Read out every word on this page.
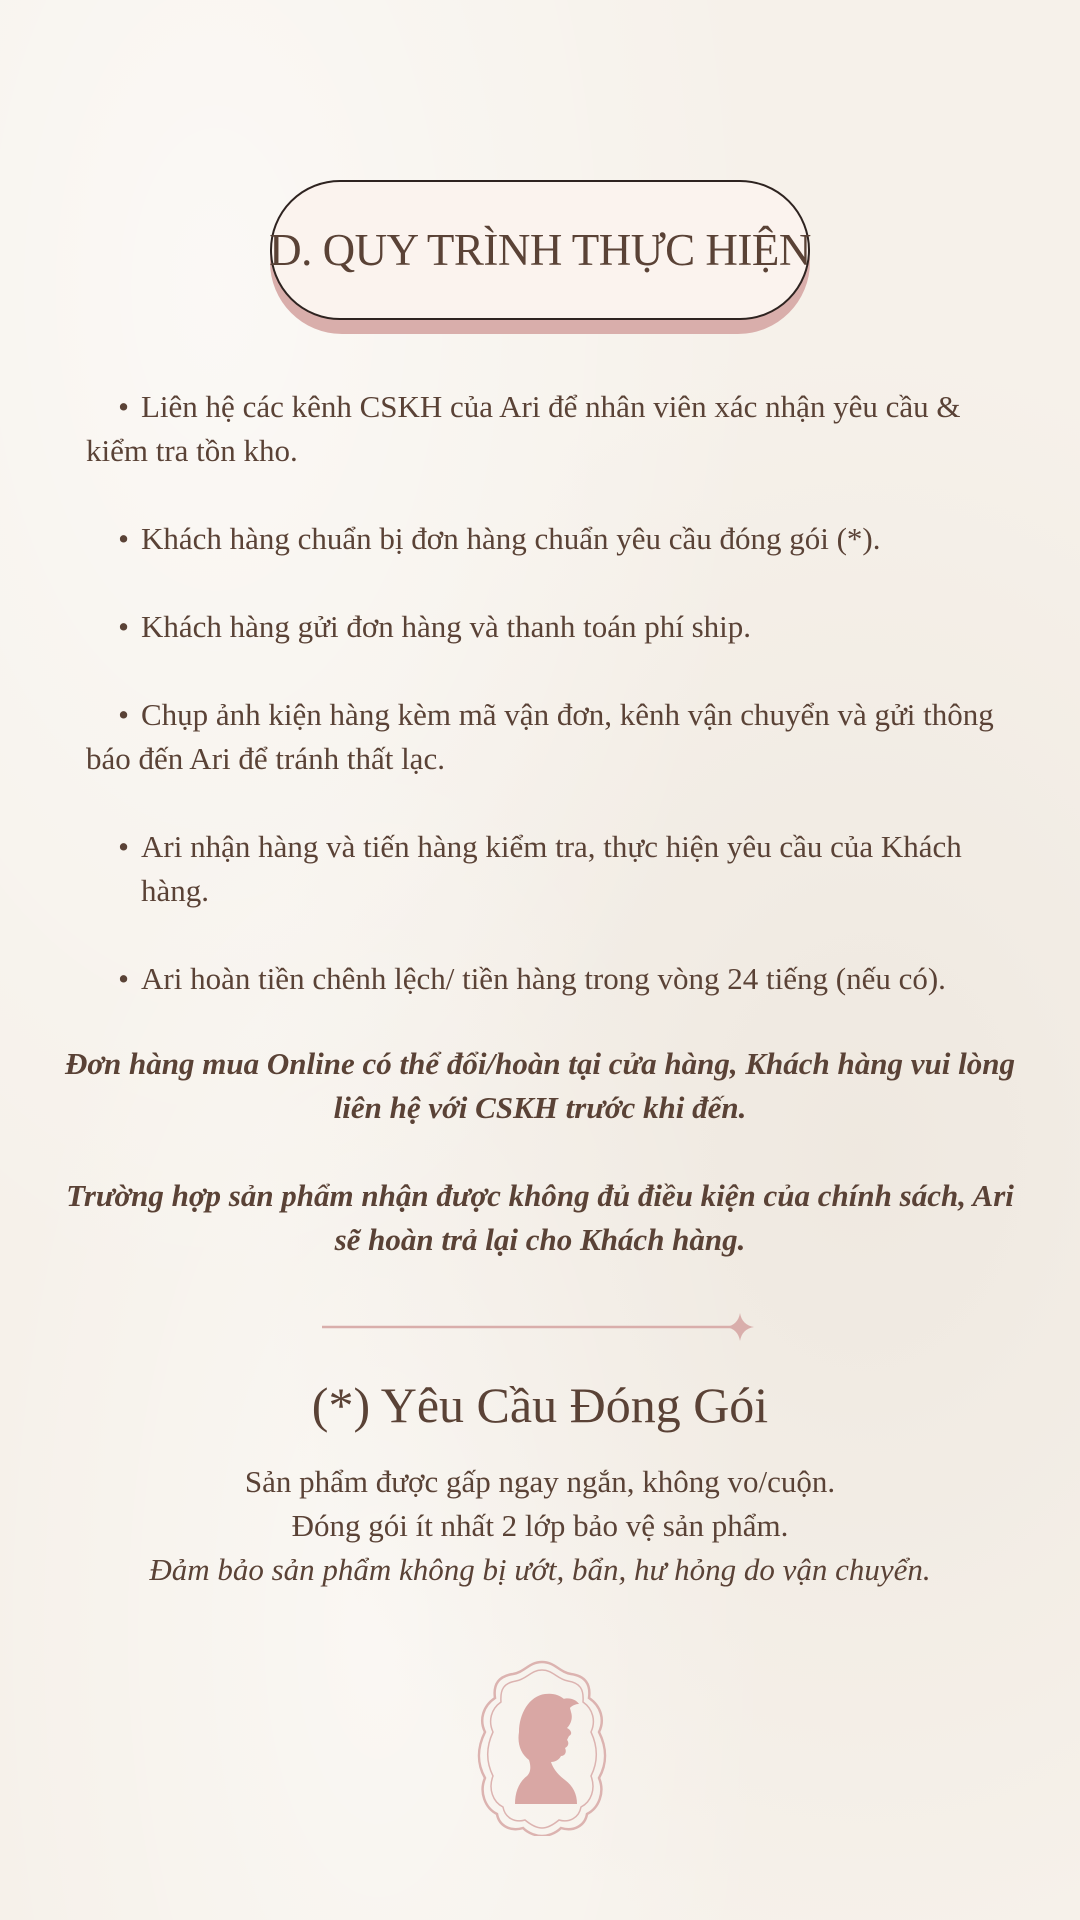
D. QUY TRÌNH THỰC HIỆN
• Liên hệ các kênh CSKH của Ari để nhân viên xác nhận yêu cầu & kiểm tra tồn kho.
• Khách hàng chuẩn bị đơn hàng chuẩn yêu cầu đóng gói (*).
• Khách hàng gửi đơn hàng và thanh toán phí ship.
• Chụp ảnh kiện hàng kèm mã vận đơn, kênh vận chuyển và gửi thông báo đến Ari để tránh thất lạc.
• Ari nhận hàng và tiến hàng kiểm tra, thực hiện yêu cầu của Khách hàng.
• Ari hoàn tiền chênh lệch/ tiền hàng trong vòng 24 tiếng (nếu có).

Đơn hàng mua Online có thể đổi/hoàn tại cửa hàng, Khách hàng vui lòng liên hệ với CSKH trước khi đến.

Trường hợp sản phẩm nhận được không đủ điều kiện của chính sách, Ari sẽ hoàn trả lại cho Khách hàng.

(*) Yêu Cầu Đóng Gói
Sản phẩm được gấp ngay ngắn, không vo/cuộn.
Đóng gói ít nhất 2 lớp bảo vệ sản phẩm.
Đảm bảo sản phẩm không bị ướt, bẩn, hư hỏng do vận chuyển.
